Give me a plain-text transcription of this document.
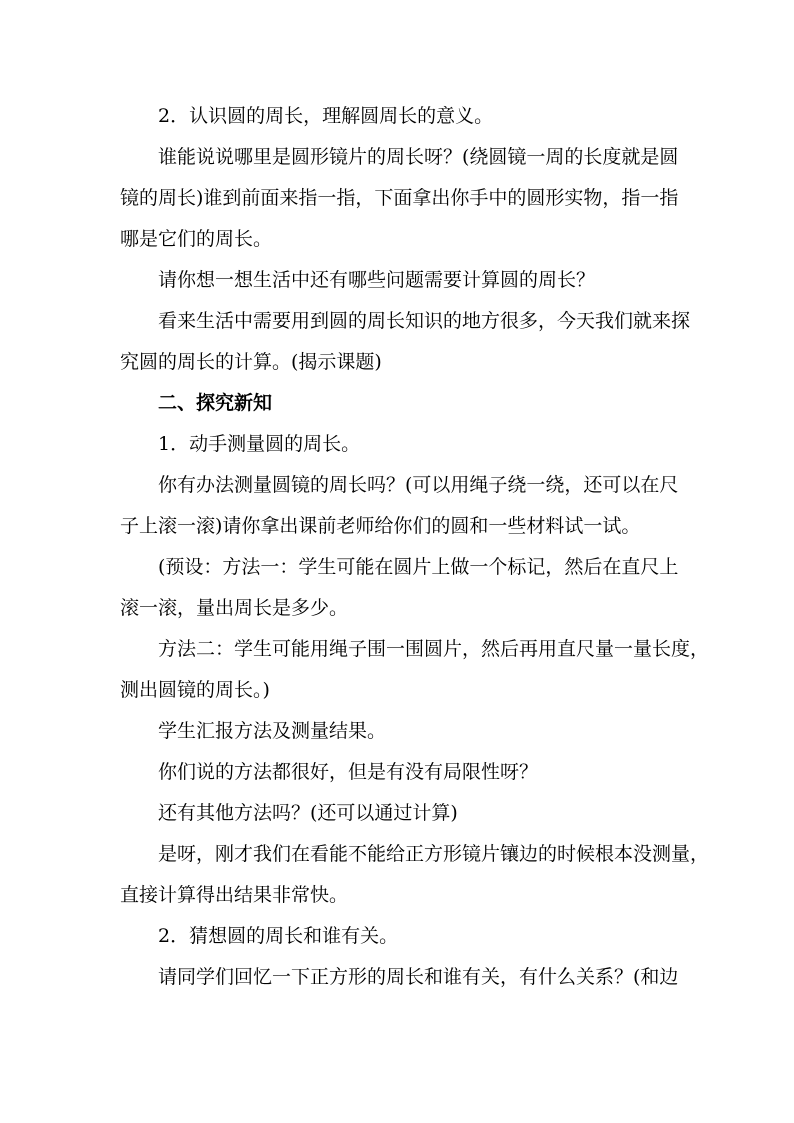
2．认识圆的周长，理解圆周长的意义。

谁能说说哪里是圆形镜片的周长呀？(绕圆镜一周的长度就是圆

镜的周长)谁到前面来指一指，下面拿出你手中的圆形实物，指一指

哪是它们的周长。

请你想一想生活中还有哪些问题需要计算圆的周长？

看来生活中需要用到圆的周长知识的地方很多，今天我们就来探

究圆的周长的计算。(揭示课题)

二、探究新知

1．动手测量圆的周长。

你有办法测量圆镜的周长吗？(可以用绳子绕一绕，还可以在尺

子上滚一滚)请你拿出课前老师给你们的圆和一些材料试一试。

(预设：方法一：学生可能在圆片上做一个标记，然后在直尺上

滚一滚，量出周长是多少。

方法二：学生可能用绳子围一围圆片，然后再用直尺量一量长度，

测出圆镜的周长。)

学生汇报方法及测量结果。

你们说的方法都很好，但是有没有局限性呀？

还有其他方法吗？(还可以通过计算)

是呀，刚才我们在看能不能给正方形镜片镶边的时候根本没测量，

直接计算得出结果非常快。

2．猜想圆的周长和谁有关。

请同学们回忆一下正方形的周长和谁有关，有什么关系？(和边
